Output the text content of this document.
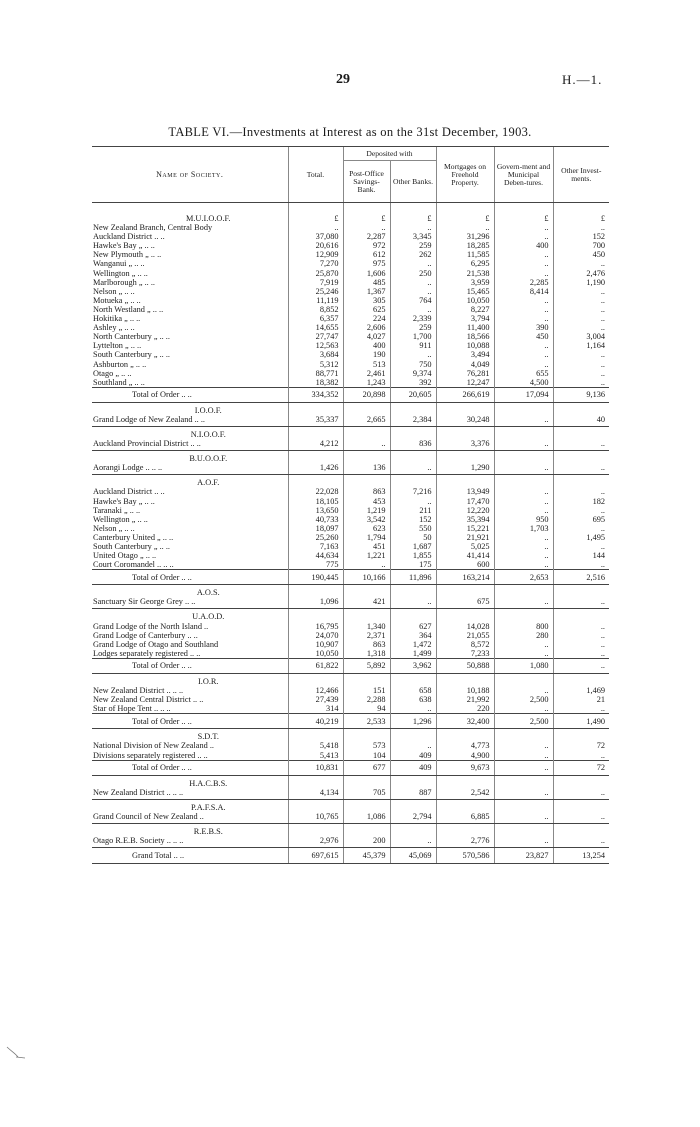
29	H.—1.
TABLE VI.—Investments at Interest as on the 31st December, 1903.
Name of Society.	Total.	Deposited with		Mortgages on Freehold Property.	Govern-ment and Municipal Deben-tures.	Other Invest-ments.
		Post-Office Savings-Bank.	Other Banks.			

M.U.I.O.O.F.	£	£	£	£	£	£
New Zealand Branch, Central Body	..	..	..	..	..	..
Auckland District .. ..	37,080	2,287	3,345	31,296	..	152
Hawke's Bay „ .. ..	20,616	972	259	18,285	400	700
New Plymouth „ .. ..	12,909	612	262	11,585	..	450
Wanganui „ .. ..	7,270	975	..	6,295	..	..
Wellington „ .. ..	25,870	1,606	250	21,538	..	2,476
Marlborough „ .. ..	7,919	485	..	3,959	2,285	1,190
Nelson „ .. ..	25,246	1,367	..	15,465	8,414	..
Motueka „ .. ..	11,119	305	764	10,050	..	..
North Westland „ .. ..	8,852	625	..	8,227	..	..
Hokitika „ .. ..	6,357	224	2,339	3,794	..	..
Ashley „ .. ..	14,655	2,606	259	11,400	390	..
North Canterbury „ .. ..	27,747	4,027	1,700	18,566	450	3,004
Lyttelton „ .. ..	12,563	400	911	10,088	..	1,164
South Canterbury „ .. ..	3,684	190	..	3,494	..	..
Ashburton „ .. ..	5,312	513	750	4,049	..	..
Otago „ .. ..	88,771	2,461	9,374	76,281	655	..
Southland „ .. ..	18,382	1,243	392	12,247	4,500	..
Total of Order .. ..	334,352	20,898	20,605	266,619	17,094	9,136
I.O.O.F.						
Grand Lodge of New Zealand .. ..	35,337	2,665	2,384	30,248	..	40
N.I.O.O.F.						
Auckland Provincial District .. ..	4,212	..	836	3,376	..	..
B.U.O.O.F.						
Aorangi Lodge .. .. ..	1,426	136	..	1,290	..	..
A.O.F.						
Auckland District .. ..	22,028	863	7,216	13,949	..	..
Hawke's Bay „ .. ..	18,105	453	..	17,470	..	182
Taranaki „ .. ..	13,650	1,219	211	12,220	..	..
Wellington „ .. ..	40,733	3,542	152	35,394	950	695
Nelson „ .. ..	18,097	623	550	15,221	1,703	..
Canterbury United „ .. ..	25,260	1,794	50	21,921	..	1,495
South Canterbury „ .. ..	7,163	451	1,687	5,025	..	..
United Otago „ .. ..	44,634	1,221	1,855	41,414	..	144
Court Coromandel .. .. ..	775	..	175	600	..	..
Total of Order .. ..	190,445	10,166	11,896	163,214	2,653	2,516
A.O.S.						
Sanctuary Sir George Grey .. ..	1,096	421	..	675	..	..
U.A.O.D.						
Grand Lodge of the North Island ..	16,795	1,340	627	14,028	800	..
Grand Lodge of Canterbury .. ..	24,070	2,371	364	21,055	280	..
Grand Lodge of Otago and Southland	10,907	863	1,472	8,572	..	..
Lodges separately registered .. ..	10,050	1,318	1,499	7,233	..	..
Total of Order .. ..	61,822	5,892	3,962	50,888	1,080	..
I.O.R.						
New Zealand District .. .. ..	12,466	151	658	10,188	..	1,469
New Zealand Central District .. ..	27,439	2,288	638	21,992	2,500	21
Star of Hope Tent .. .. ..	314	94	..	220	..	..
Total of Order .. ..	40,219	2,533	1,296	32,400	2,500	1,490
S.D.T.						
National Division of New Zealand ..	5,418	573	..	4,773	..	72
Divisions separately registered .. ..	5,413	104	409	4,900	..	..
Total of Order .. ..	10,831	677	409	9,673	..	72
H.A.C.B.S.						
New Zealand District .. .. ..	4,134	705	887	2,542	..	..
P.A.F.S.A.						
Grand Council of New Zealand ..	10,765	1,086	2,794	6,885	..	..
R.E.B.S.						
Otago R.E.B. Society .. .. ..	2,976	200	..	2,776	..	..
Grand Total .. ..	697,615	45,379	45,069	570,586	23,827	13,254
